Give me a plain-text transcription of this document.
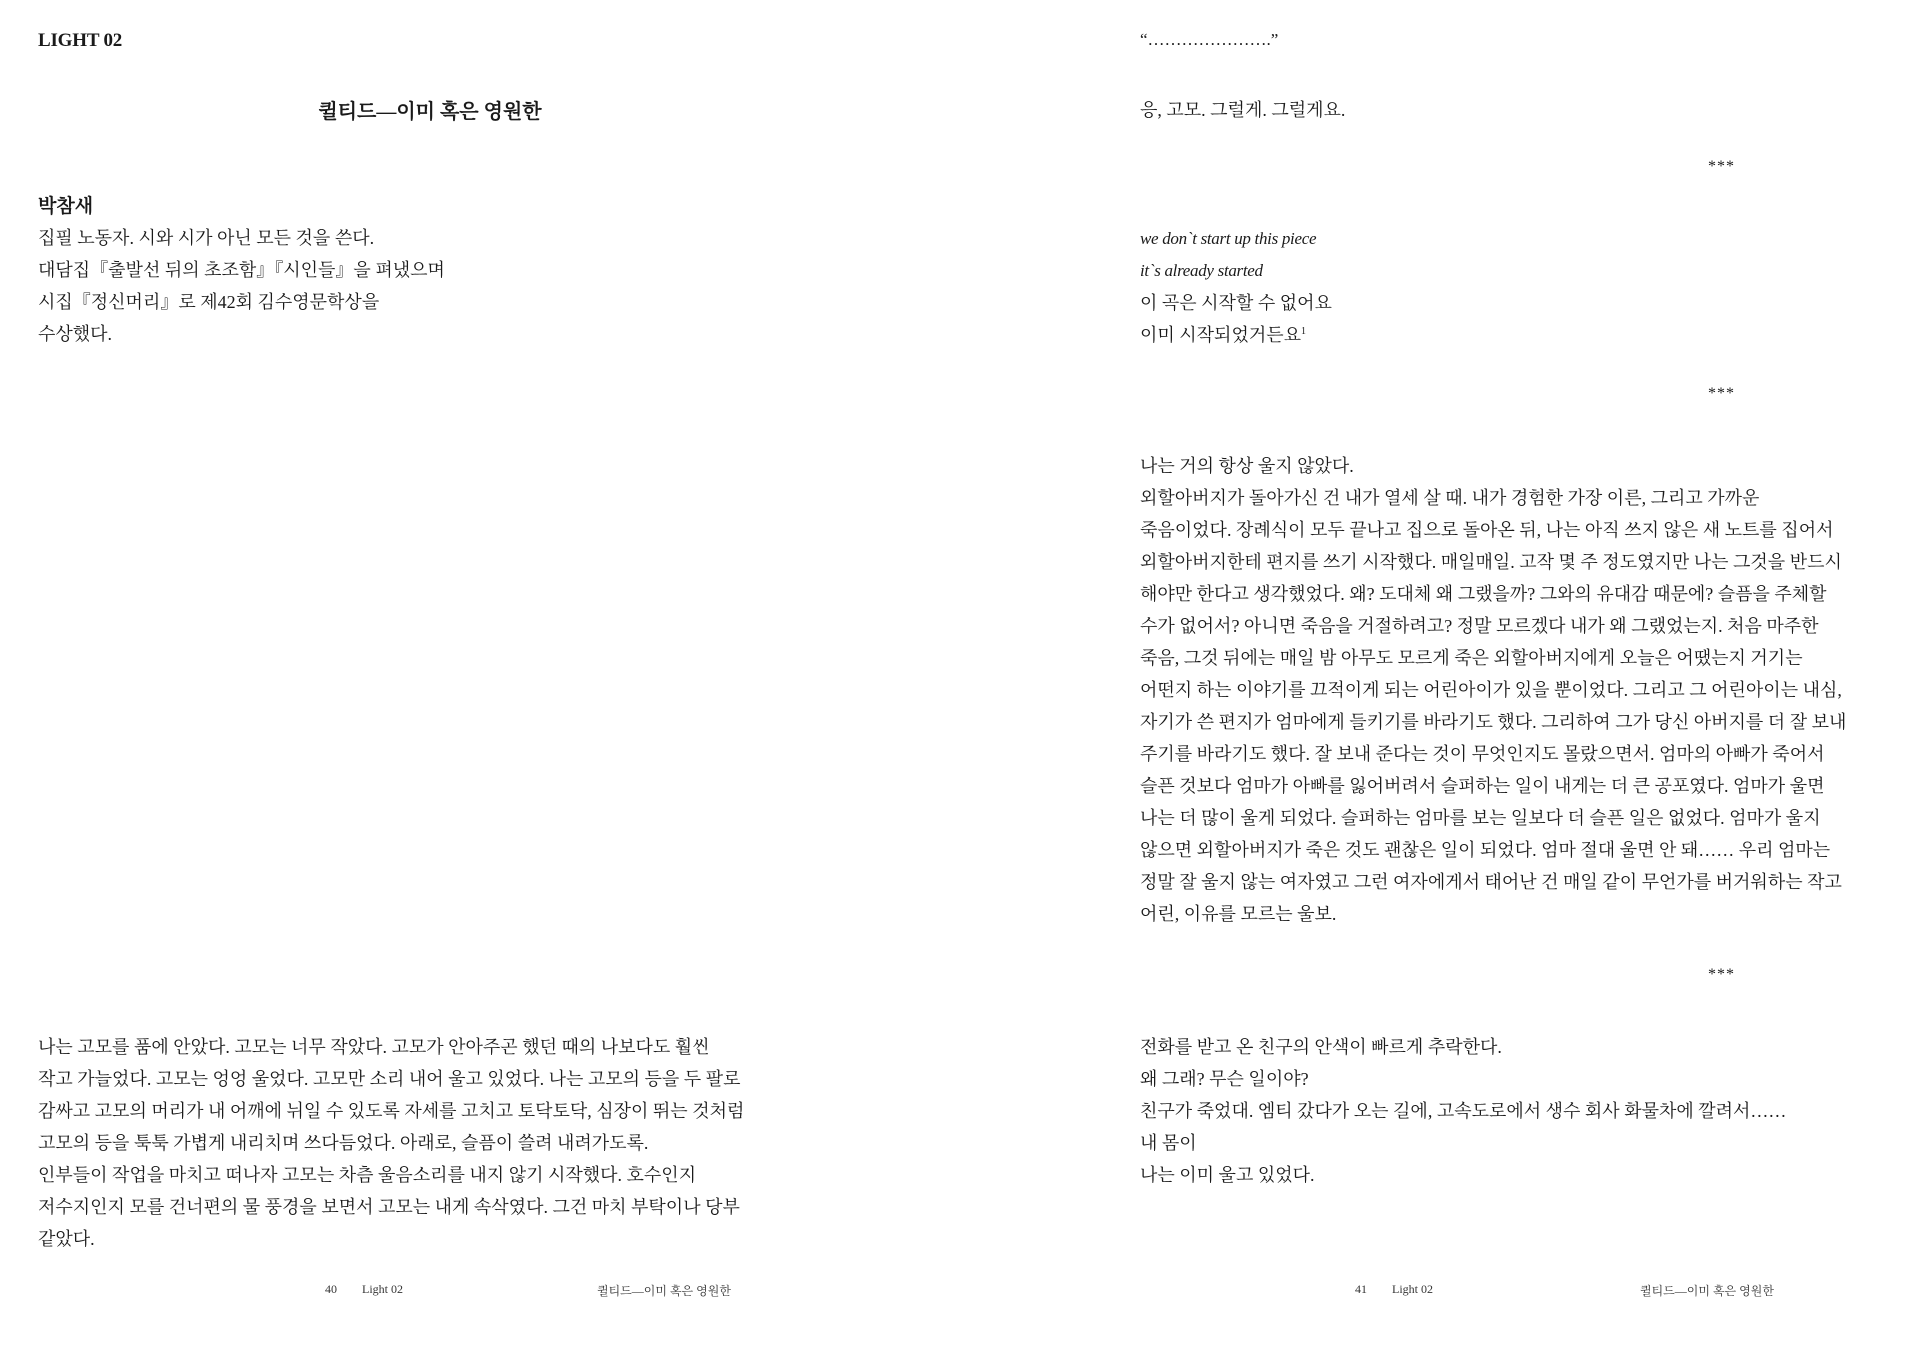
LIGHT 02
퀼티드—이미 혹은 영원한
박참새
집필 노동자. 시와 시가 아닌 모든 것을 쓴다.
대담집『출발선 뒤의 초조함』『시인들』을 펴냈으며
시집『정신머리』로 제42회 김수영문학상을
수상했다.
나는 고모를 품에 안았다. 고모는 너무 작았다. 고모가 안아주곤 했던 때의 나보다도 훨씬
작고 가늘었다. 고모는 엉엉 울었다. 고모만 소리 내어 울고 있었다. 나는 고모의 등을 두 팔로
감싸고 고모의 머리가 내 어깨에 뉘일 수 있도록 자세를 고치고 토닥토닥, 심장이 뛰는 것처럼
고모의 등을 툭툭 가볍게 내리치며 쓰다듬었다. 아래로, 슬픔이 쓸려 내려가도록.
인부들이 작업을 마치고 떠나자 고모는 차츰 울음소리를 내지 않기 시작했다. 호수인지
저수지인지 모를 건너편의 물 풍경을 보면서 고모는 내게 속삭였다. 그건 마치 부탁이나 당부
같았다.
40 Light 02	퀼티드—이미 혹은 영원한
“………………….”
응, 고모. 그럴게. 그럴게요.
***
we don`t start up this piece
it`s already started
이 곡은 시작할 수 없어요
이미 시작되었거든요$^1$
***
나는 거의 항상 울지 않았다.
외할아버지가 돌아가신 건 내가 열세 살 때. 내가 경험한 가장 이른, 그리고 가까운
죽음이었다. 장례식이 모두 끝나고 집으로 돌아온 뒤, 나는 아직 쓰지 않은 새 노트를 집어서
외할아버지한테 편지를 쓰기 시작했다. 매일매일. 고작 몇 주 정도였지만 나는 그것을 반드시
해야만 한다고 생각했었다. 왜? 도대체 왜 그랬을까? 그와의 유대감 때문에? 슬픔을 주체할
수가 없어서? 아니면 죽음을 거절하려고? 정말 모르겠다 내가 왜 그랬었는지. 처음 마주한
죽음, 그것 뒤에는 매일 밤 아무도 모르게 죽은 외할아버지에게 오늘은 어땠는지 거기는
어떤지 하는 이야기를 끄적이게 되는 어린아이가 있을 뿐이었다. 그리고 그 어린아이는 내심,
자기가 쓴 편지가 엄마에게 들키기를 바라기도 했다. 그리하여 그가 당신 아버지를 더 잘 보내
주기를 바라기도 했다. 잘 보내 준다는 것이 무엇인지도 몰랐으면서. 엄마의 아빠가 죽어서
슬픈 것보다 엄마가 아빠를 잃어버려서 슬퍼하는 일이 내게는 더 큰 공포였다. 엄마가 울면
나는 더 많이 울게 되었다. 슬퍼하는 엄마를 보는 일보다 더 슬픈 일은 없었다. 엄마가 울지
않으면 외할아버지가 죽은 것도 괜찮은 일이 되었다. 엄마 절대 울면 안 돼…… 우리 엄마는
정말 잘 울지 않는 여자였고 그런 여자에게서 태어난 건 매일 같이 무언가를 버거워하는 작고
어린, 이유를 모르는 울보.
***
전화를 받고 온 친구의 안색이 빠르게 추락한다.
왜 그래? 무슨 일이야?
친구가 죽었대. 엠티 갔다가 오는 길에, 고속도로에서 생수 회사 화물차에 깔려서……
내 몸이
나는 이미 울고 있었다.
41 Light 02	퀼티드—이미 혹은 영원한
